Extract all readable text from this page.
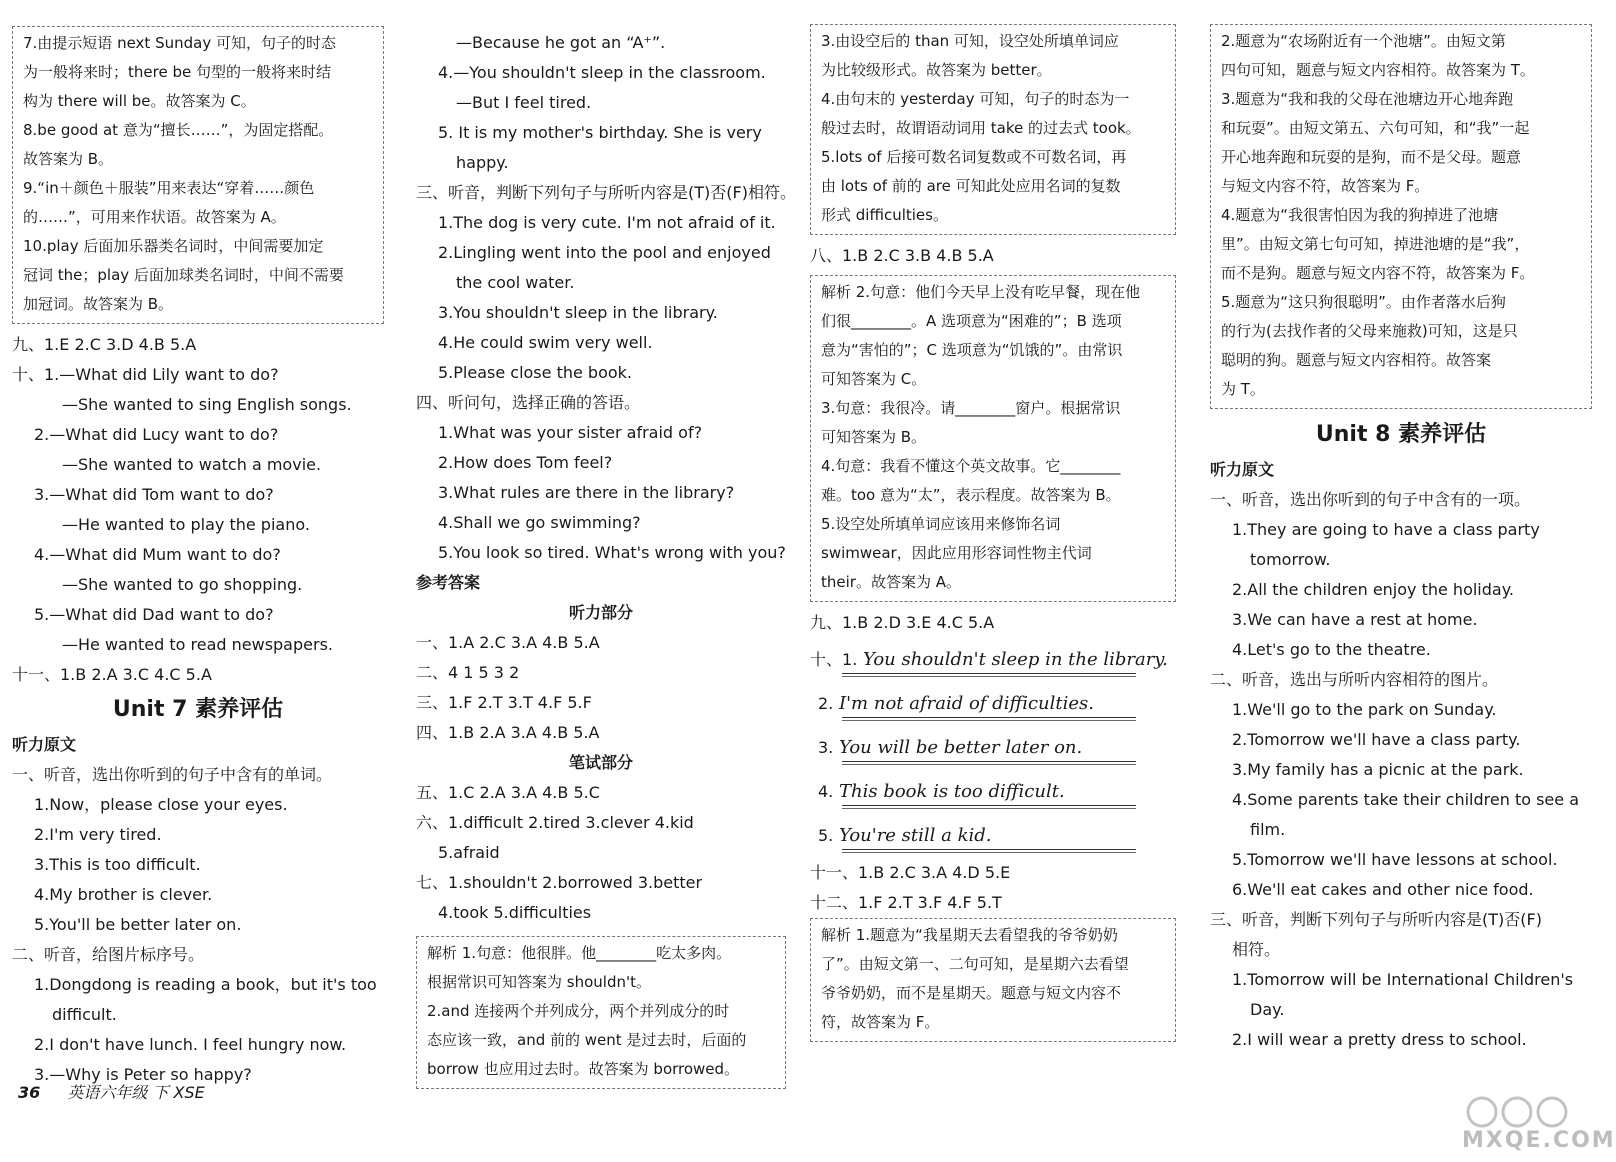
7.由提示短语 next Sunday 可知，句子的时态
为一般将来时；there be 句型的一般将来时结
构为 there will be。故答案为 C。
8.be good at 意为“擅长……”，为固定搭配。
故答案为 B。
9.“in＋颜色＋服装”用来表达“穿着……颜色
的……”，可用来作状语。故答案为 A。
10.play 后面加乐器类名词时，中间需要加定
冠词 the；play 后面加球类名词时，中间不需要
加冠词。故答案为 B。
九、1.E 2.C 3.D 4.B 5.A
十、1.—What did Lily want to do?
—She wanted to sing English songs.
2.—What did Lucy want to do?
—She wanted to watch a movie.
3.—What did Tom want to do?
—He wanted to play the piano.
4.—What did Mum want to do?
—She wanted to go shopping.
5.—What did Dad want to do?
—He wanted to read newspapers.
十一、1.B 2.A 3.C 4.C 5.A
Unit 7 素养评估
听力原文
一、听音，选出你听到的句子中含有的单词。
1.Now，please close your eyes.
2.I'm very tired.
3.This is too difficult.
4.My brother is clever.
5.You'll be better later on.
二、听音，给图片标序号。
1.Dongdong is reading a book，but it's too
difficult.
2.I don't have lunch. I feel hungry now.
3.—Why is Peter so happy?
—Because he got an “A⁺”.
4.—You shouldn't sleep in the classroom.
—But I feel tired.
5. It is my mother's birthday. She is very
happy.
三、听音，判断下列句子与所听内容是(T)否(F)相符。
1.The dog is very cute. I'm not afraid of it.
2.Lingling went into the pool and enjoyed
the cool water.
3.You shouldn't sleep in the library.
4.He could swim very well.
5.Please close the book.
四、听问句，选择正确的答语。
1.What was your sister afraid of?
2.How does Tom feel?
3.What rules are there in the library?
4.Shall we go swimming?
5.You look so tired. What's wrong with you?
参考答案
听力部分
一、1.A 2.C 3.A 4.B 5.A
二、4 1 5 3 2
三、1.F 2.T 3.T 4.F 5.F
四、1.B 2.A 3.A 4.B 5.A
笔试部分
五、1.C 2.A 3.A 4.B 5.C
六、1.difficult 2.tired 3.clever 4.kid
5.afraid
七、1.shouldn't 2.borrowed 3.better
4.took 5.difficulties
解析 1.句意：他很胖。他________吃太多肉。
根据常识可知答案为 shouldn't。
2.and 连接两个并列成分，两个并列成分的时
态应该一致，and 前的 went 是过去时，后面的
borrow 也应用过去时。故答案为 borrowed。
3.由设空后的 than 可知，设空处所填单词应
为比较级形式。故答案为 better。
4.由句末的 yesterday 可知，句子的时态为一
般过去时，故谓语动词用 take 的过去式 took。
5.lots of 后接可数名词复数或不可数名词，再
由 lots of 前的 are 可知此处应用名词的复数
形式 difficulties。
八、1.B 2.C 3.B 4.B 5.A
解析 2.句意：他们今天早上没有吃早餐，现在他
们很________。A 选项意为“困难的”；B 选项
意为“害怕的”；C 选项意为“饥饿的”。由常识
可知答案为 C。
3.句意：我很冷。请________窗户。根据常识
可知答案为 B。
4.句意：我看不懂这个英文故事。它________
难。too 意为“太”，表示程度。故答案为 B。
5.设空处所填单词应该用来修饰名词
swimwear，因此应用形容词性物主代词
their。故答案为 A。
九、1.B 2.D 3.E 4.C 5.A
十、1. You shouldn't sleep in the library.
2. I'm not afraid of difficulties.
3. You will be better later on.
4. This book is too difficult.
5. You're still a kid.
十一、1.B 2.C 3.A 4.D 5.E
十二、1.F 2.T 3.F 4.F 5.T
解析 1.题意为“我星期天去看望我的爷爷奶奶
了”。由短文第一、二句可知，是星期六去看望
爷爷奶奶，而不是星期天。题意与短文内容不
符，故答案为 F。
2.题意为“农场附近有一个池塘”。由短文第
四句可知，题意与短文内容相符。故答案为 T。
3.题意为“我和我的父母在池塘边开心地奔跑
和玩耍”。由短文第五、六句可知，和“我”一起
开心地奔跑和玩耍的是狗，而不是父母。题意
与短文内容不符，故答案为 F。
4.题意为“我很害怕因为我的狗掉进了池塘
里”。由短文第七句可知，掉进池塘的是“我”，
而不是狗。题意与短文内容不符，故答案为 F。
5.题意为“这只狗很聪明”。由作者落水后狗
的行为(去找作者的父母来施救)可知，这是只
聪明的狗。题意与短文内容相符。故答案
为 T。
Unit 8 素养评估
听力原文
一、听音，选出你听到的句子中含有的一项。
1.They are going to have a class party
tomorrow.
2.All the children enjoy the holiday.
3.We can have a rest at home.
4.Let's go to the theatre.
二、听音，选出与所听内容相符的图片。
1.We'll go to the park on Sunday.
2.Tomorrow we'll have a class party.
3.My family has a picnic at the park.
4.Some parents take their children to see a
film.
5.Tomorrow we'll have lessons at school.
6.We'll eat cakes and other nice food.
三、听音，判断下列句子与所听内容是(T)否(F)
相符。
1.Tomorrow will be International Children's
Day.
2.I will wear a pretty dress to school.
36 英语六年级 下 XSE
MXQE.COM
